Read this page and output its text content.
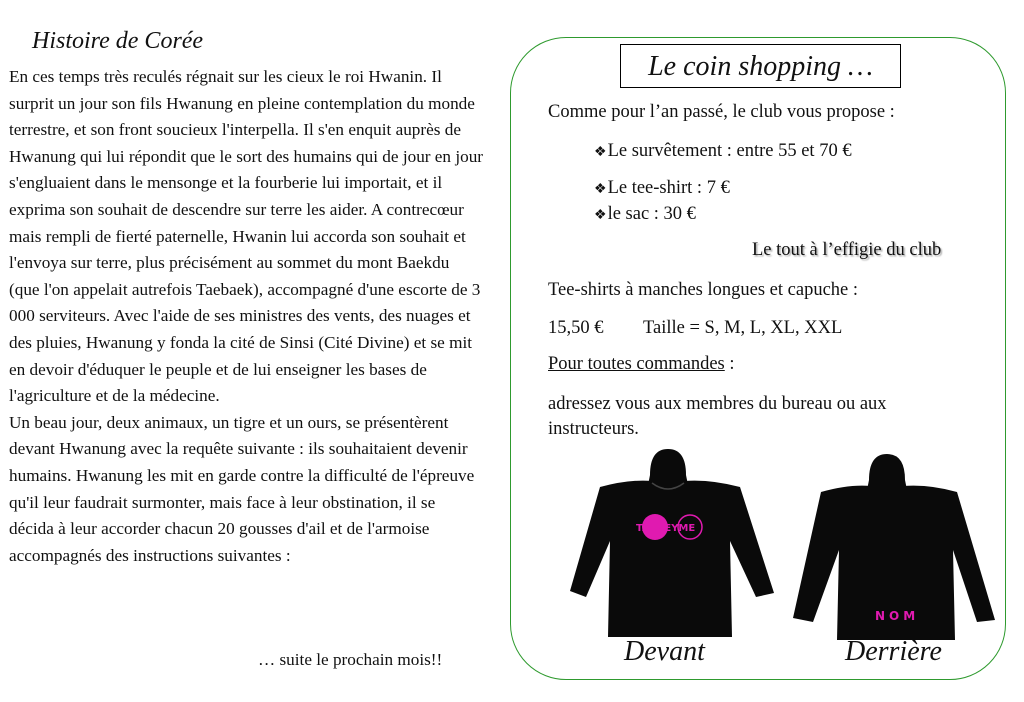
Histoire de Corée

En ces temps très reculés régnait sur les cieux le roi Hwanin. Il surprit un jour son fils Hwanung en pleine contemplation du monde terrestre, et son front soucieux l'interpella. Il s'en enquit auprès de Hwanung qui lui répondit que le sort des humains qui de jour en jour s'engluaient dans le mensonge et la fourberie lui importait, et il exprima son souhait de descendre sur terre les aider. A contrecœur mais rempli de fierté paternelle, Hwanin lui accorda son souhait et l'envoya sur terre, plus précisément au sommet du mont Baekdu (que l'on appelait autrefois Taebaek), accompagné d'une escorte de 3 000 serviteurs. Avec l'aide de ses ministres des vents, des nuages et des pluies, Hwanung y fonda la cité de Sinsi (Cité Divine) et se mit en devoir d'éduquer le peuple et de lui enseigner les bases de l'agriculture et de la médecine.

Un beau jour, deux animaux, un tigre et un ours, se présentèrent devant Hwanung avec la requête suivante : ils souhaitaient devenir humains. Hwanung les mit en garde contre la difficulté de l'épreuve qu'il leur faudrait surmonter, mais face à leur obstination, il se décida à leur accorder chacun 20 gousses d'ail et de l'armoise accompagnés des instructions suivantes :

… suite le prochain mois!!
Le coin shopping …
Comme pour l’an passé, le club vous propose :
❖Le survêtement : entre 55 et 70 €
❖Le tee-shirt : 7 €
❖le sac : 30 €
Le tout à l’effigie du club
Tee-shirts à manches longues et capuche :
15,50 € Taille = S, M, L, XL, XXL
Pour toutes commandes :
adressez vous aux membres du bureau ou aux instructeurs.
TAEKEYME
Devant
NOM
Derrière
